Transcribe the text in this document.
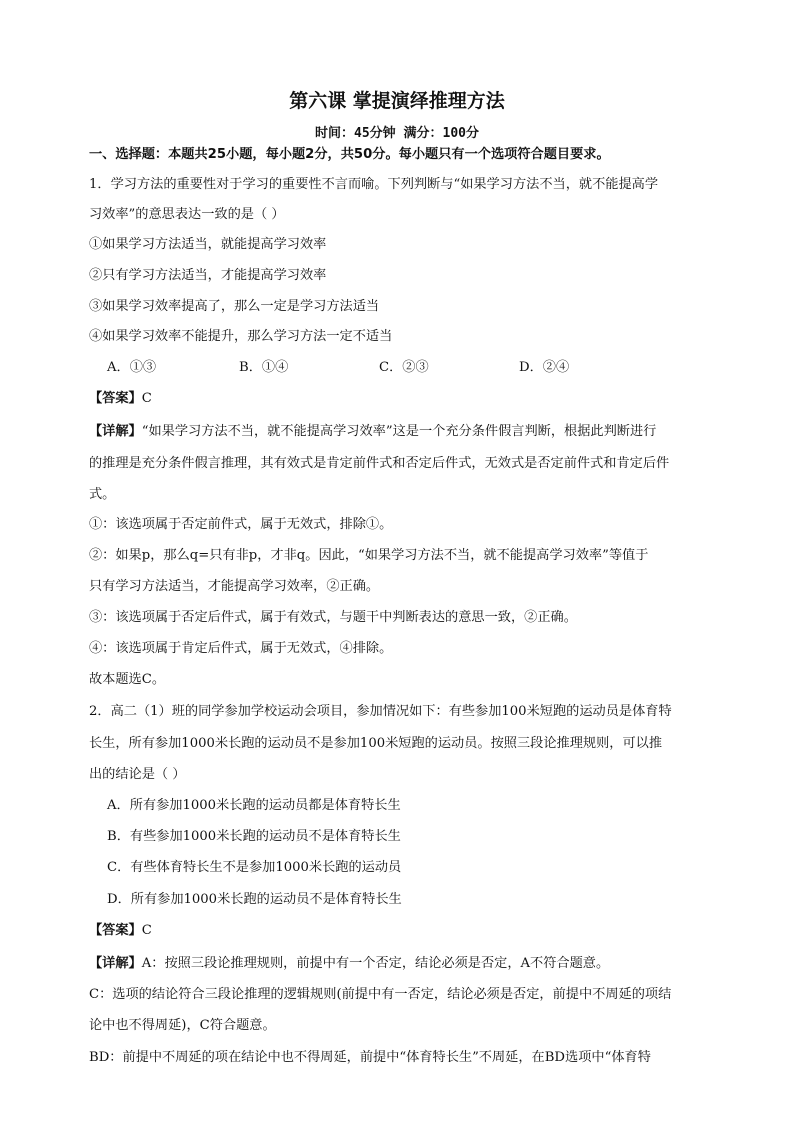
第六课 掌提演绎推理方法
时间：45分钟 满分：100分
一、选择题：本题共25小题，每小题2分，共50分。每小题只有一个选项符合题目要求。
1．学习方法的重要性对于学习的重要性不言而喻。下列判断与“如果学习方法不当，就不能提高学
习效率”的意思表达一致的是（ ）
①如果学习方法适当，就能提高学习效率
②只有学习方法适当，才能提高学习效率
③如果学习效率提高了，那么一定是学习方法适当
④如果学习效率不能提升，那么学习方法一定不适当
A．①③	B．①④	C．②③	D．②④
【答案】C
【详解】“如果学习方法不当，就不能提高学习效率”这是一个充分条件假言判断，根据此判断进行
的推理是充分条件假言推理，其有效式是肯定前件式和否定后件式，无效式是否定前件式和肯定后件
式。
①：该选项属于否定前件式，属于无效式，排除①。
②：如果p，那么q=只有非p，才非q。因此，“如果学习方法不当，就不能提高学习效率”等值于
只有学习方法适当，才能提高学习效率，②正确。
③：该选项属于否定后件式，属于有效式，与题干中判断表达的意思一致，②正确。
④：该选项属于肯定后件式，属于无效式，④排除。
故本题选C。
2．高二（1）班的同学参加学校运动会项目，参加情况如下：有些参加100米短跑的运动员是体育特
长生，所有参加1000米长跑的运动员不是参加100米短跑的运动员。按照三段论推理规则，可以推
出的结论是（ ）
A．所有参加1000米长跑的运动员都是体育特长生
B．有些参加1000米长跑的运动员不是体育特长生
C．有些体育特长生不是参加1000米长跑的运动员
D．所有参加1000米长跑的运动员不是体育特长生
【答案】C
【详解】A：按照三段论推理规则，前提中有一个否定，结论必须是否定，A不符合题意。
C：选项的结论符合三段论推理的逻辑规则(前提中有一否定，结论必须是否定，前提中不周延的项结
论中也不得周延)，C符合题意。
BD：前提中不周延的项在结论中也不得周延，前提中“体育特长生”不周延，在BD选项中“体育特
